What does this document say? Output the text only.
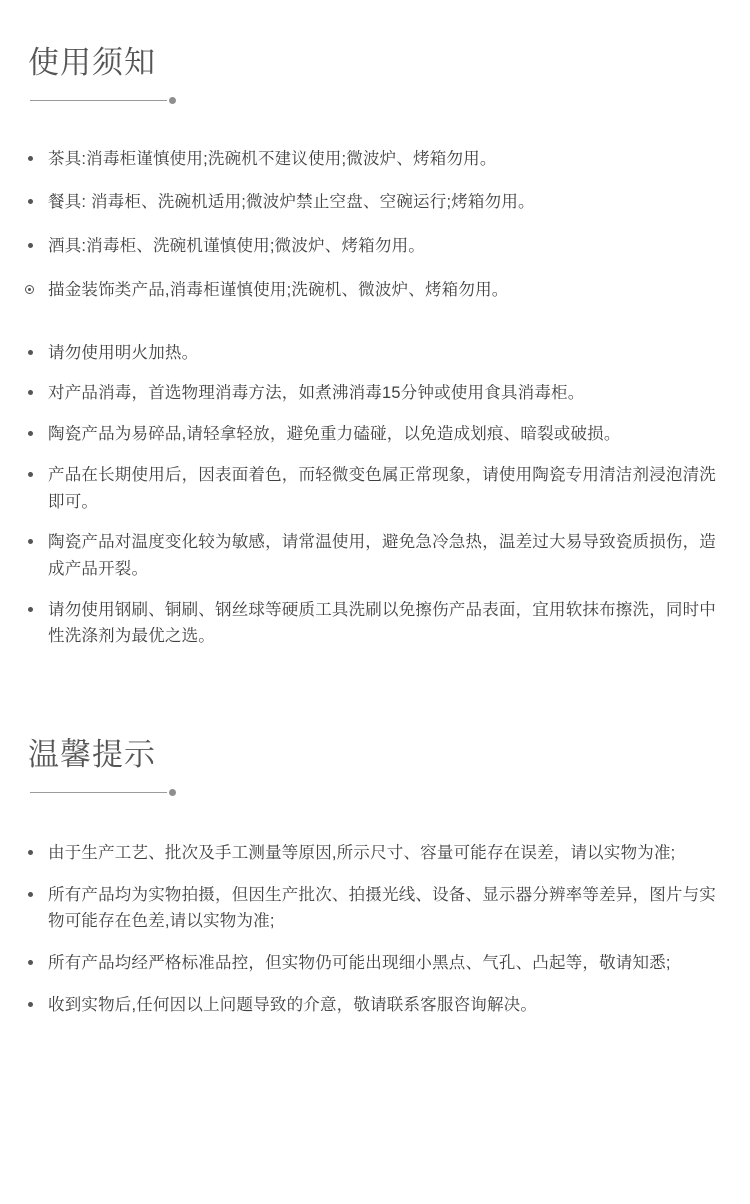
使用须知
茶具:消毒柜谨慎使用;洗碗机不建议使用;微波炉、烤箱勿用。
餐具: 消毒柜、洗碗机适用;微波炉禁止空盘、空碗运行;烤箱勿用。
酒具:消毒柜、洗碗机谨慎使用;微波炉、烤箱勿用。
描金装饰类产品,消毒柜谨慎使用;洗碗机、微波炉、烤箱勿用。
请勿使用明火加热。
对产品消毒，首选物理消毒方法，如煮沸消毒15分钟或使用食具消毒柜。
陶瓷产品为易碎品,请轻拿轻放，避免重力磕碰，以免造成划痕、暗裂或破损。
产品在长期使用后，因表面着色，而轻微变色属正常现象，请使用陶瓷专用清洁剂浸泡清洗即可。
陶瓷产品对温度变化较为敏感，请常温使用，避免急冷急热，温差过大易导致瓷质损伤，造成产品开裂。
请勿使用钢刷、铜刷、钢丝球等硬质工具洗刷以免擦伤产品表面，宜用软抹布擦洗，同时中性洗涤剂为最优之选。
温馨提示
由于生产工艺、批次及手工测量等原因,所示尺寸、容量可能存在误差，请以实物为准;
所有产品均为实物拍摄，但因生产批次、拍摄光线、设备、显示器分辨率等差异，图片与实物可能存在色差,请以实物为准;
所有产品均经严格标准品控，但实物仍可能出现细小黑点、气孔、凸起等，敬请知悉;
收到实物后,任何因以上问题导致的介意，敬请联系客服咨询解决。
